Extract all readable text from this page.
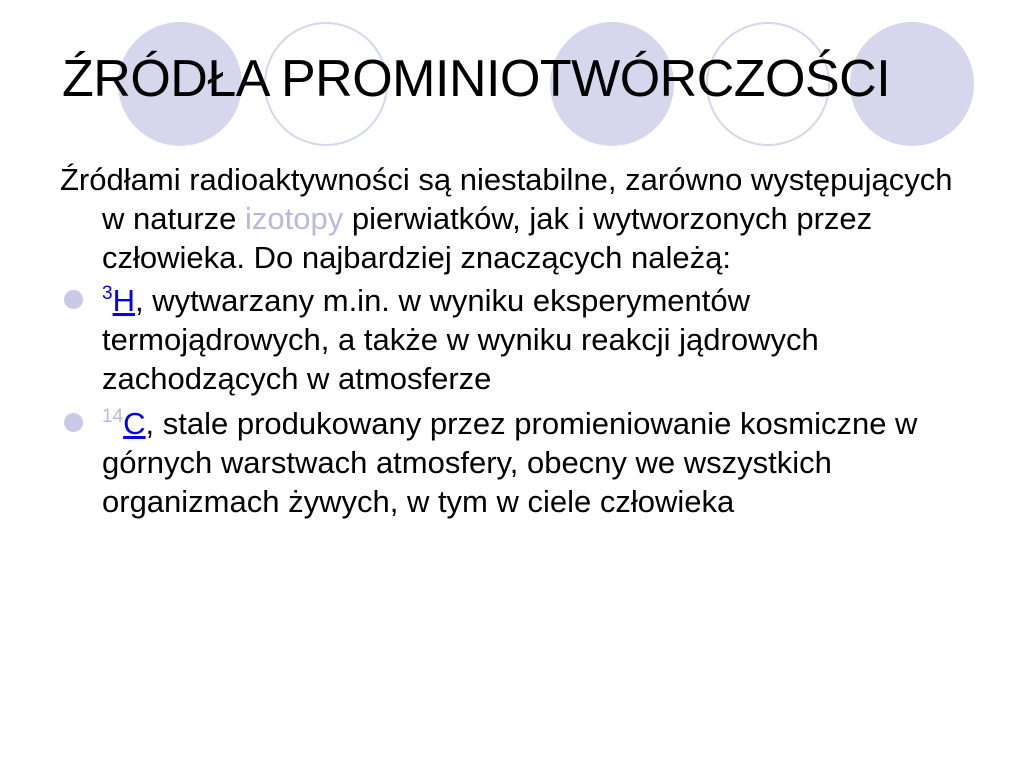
ŹRÓDŁA PROMINIOTWÓRCZOŚCI

Źródłami radioaktywności są niestabilne, zarówno występujących w naturze izotopy pierwiatków, jak i wytworzonych przez człowieka. Do najbardziej znaczących należą:

$^3$H, wytwarzany m.in. w wyniku eksperymentów termojądrowych, a także w wyniku reakcji jądrowych zachodzących w atmosferze

$^{14}$C, stale produkowany przez promieniowanie kosmiczne w górnych warstwach atmosfery, obecny we wszystkich organizmach żywych, w tym w ciele człowieka
